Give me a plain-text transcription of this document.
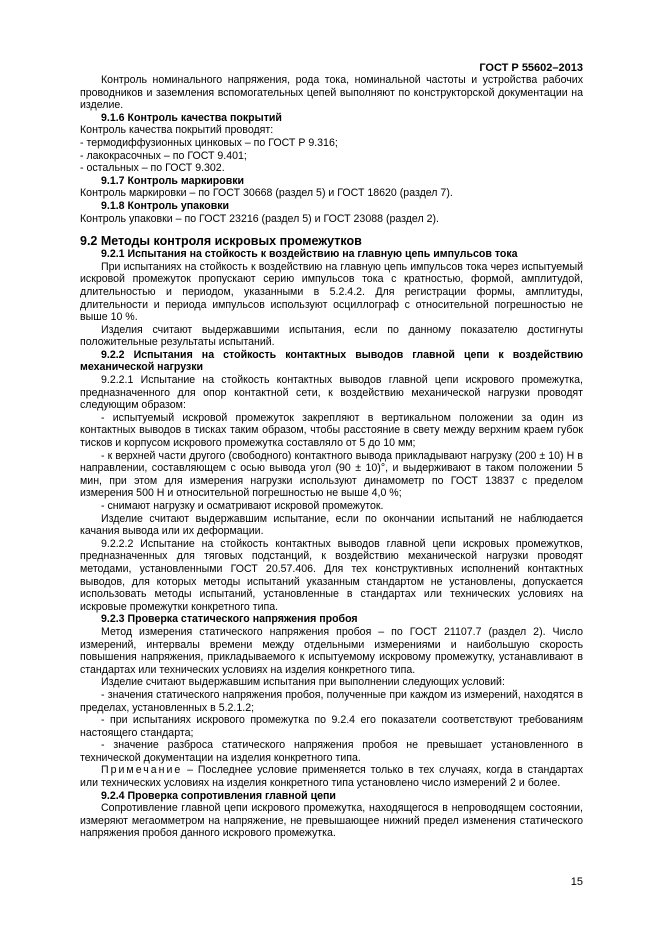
ГОСТ Р 55602–2013

Контроль номинального напряжения, рода тока, номинальной частоты и устройства рабочих проводников и заземления вспомогательных цепей выполняют по конструкторской документации на изделие.

9.1.6 Контроль качества покрытий

Контроль качества покрытий проводят:

- термодиффузионных цинковых – по ГОСТ Р 9.316;

- лакокрасочных – по ГОСТ 9.401;

- остальных – по ГОСТ 9.302.

9.1.7 Контроль маркировки

Контроль маркировки – по ГОСТ 30668 (раздел 5) и ГОСТ 18620 (раздел 7).

9.1.8 Контроль упаковки

Контроль упаковки – по ГОСТ 23216 (раздел 5) и ГОСТ 23088 (раздел 2).

9.2 Методы контроля искровых промежутков

9.2.1 Испытания на стойкость к воздействию на главную цепь импульсов тока

При испытаниях на стойкость к воздействию на главную цепь импульсов тока через испытуемый искровой промежуток пропускают серию импульсов тока с кратностью, формой, амплитудой, длительностью и периодом, указанными в 5.2.4.2. Для регистрации формы, амплитуды, длительности и периода импульсов используют осциллограф с относительной погрешностью не выше 10 %.

Изделия считают выдержавшими испытания, если по данному показателю достигнуты положительные результаты испытаний.

9.2.2 Испытания на стойкость контактных выводов главной цепи к воздействию механической нагрузки

9.2.2.1 Испытание на стойкость контактных выводов главной цепи искрового промежутка, предназначенного для опор контактной сети, к воздействию механической нагрузки проводят следующим образом:

- испытуемый искровой промежуток закрепляют в вертикальном положении за один из контактных выводов в тисках таким образом, чтобы расстояние в свету между верхним краем губок тисков и корпусом искрового промежутка составляло от 5 до 10 мм;

- к верхней части другого (свободного) контактного вывода прикладывают нагрузку (200 ± 10) Н в направлении, составляющем с осью вывода угол (90 ± 10)°, и выдерживают в таком положении 5 мин, при этом для измерения нагрузки используют динамометр по ГОСТ 13837 с пределом измерения 500 Н и относительной погрешностью не выше 4,0 %;

- снимают нагрузку и осматривают искровой промежуток.

Изделие считают выдержавшим испытание, если по окончании испытаний не наблюдается качания вывода или их деформации.

9.2.2.2 Испытание на стойкость контактных выводов главной цепи искровых промежутков, предназначенных для тяговых подстанций, к воздействию механической нагрузки проводят методами, установленными ГОСТ 20.57.406. Для тех конструктивных исполнений контактных выводов, для которых методы испытаний указанным стандартом не установлены, допускается использовать методы испытаний, установленные в стандартах или технических условиях на искровые промежутки конкретного типа.

9.2.3 Проверка статического напряжения пробоя

Метод измерения статического напряжения пробоя – по ГОСТ 21107.7 (раздел 2). Число измерений, интервалы времени между отдельными измерениями и наибольшую скорость повышения напряжения, прикладываемого к испытуемому искровому промежутку, устанавливают в стандартах или технических условиях на изделия конкретного типа.

Изделие считают выдержавшим испытания при выполнении следующих условий:

- значения статического напряжения пробоя, полученные при каждом из измерений, находятся в пределах, установленных в 5.2.1.2;

- при испытаниях искрового промежутка по 9.2.4 его показатели соответствуют требованиям настоящего стандарта;

- значение разброса статического напряжения пробоя не превышает установленного в технической документации на изделия конкретного типа.

Примечание – Последнее условие применяется только в тех случаях, когда в стандартах или технических условиях на изделия конкретного типа установлено число измерений 2 и более.

9.2.4 Проверка сопротивления главной цепи

Сопротивление главной цепи искрового промежутка, находящегося в непроводящем состоянии, измеряют мегаомметром на напряжение, не превышающее нижний предел изменения статического напряжения пробоя данного искрового промежутка.

15
